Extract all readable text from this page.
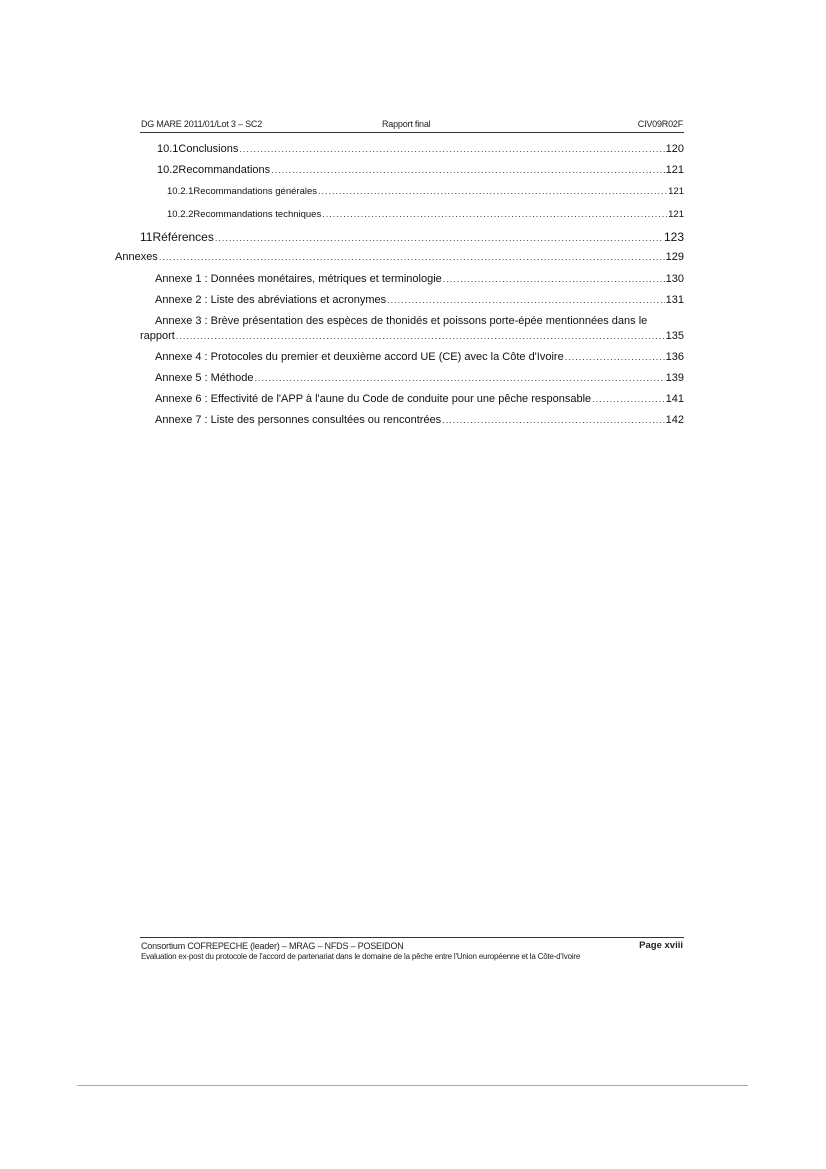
DG MARE 2011/01/Lot 3 – SC2	Rapport final	CIV09R02F
10.1 Conclusions .....	120
10.2 Recommandations .....	121
10.2.1 Recommandations générales .....	121
10.2.2 Recommandations techniques .....	121
11 Références .....	123
Annexes .....	129
Annexe 1 : Données monétaires, métriques et terminologie .....	130
Annexe 2 : Liste des abréviations et acronymes .....	131
Annexe 3 : Brève présentation des espèces de thonidés et poissons porte-épée mentionnées dans le
rapport .....	135
Annexe 4 : Protocoles du premier et deuxième accord UE (CE) avec la Côte d'Ivoire .....	136
Annexe 5 : Méthode .....	139
Annexe 6 : Effectivité de l'APP à l'aune du Code de conduite pour une pêche responsable .....	141
Annexe 7 : Liste des personnes consultées ou rencontrées .....	142
Consortium COFREPECHE (leader) – MRAG – NFDS – POSEIDON	Page xviii
Evaluation ex-post du protocole de l'accord de partenariat dans le domaine de la pêche entre l'Union européenne et la Côte-d'Ivoire
